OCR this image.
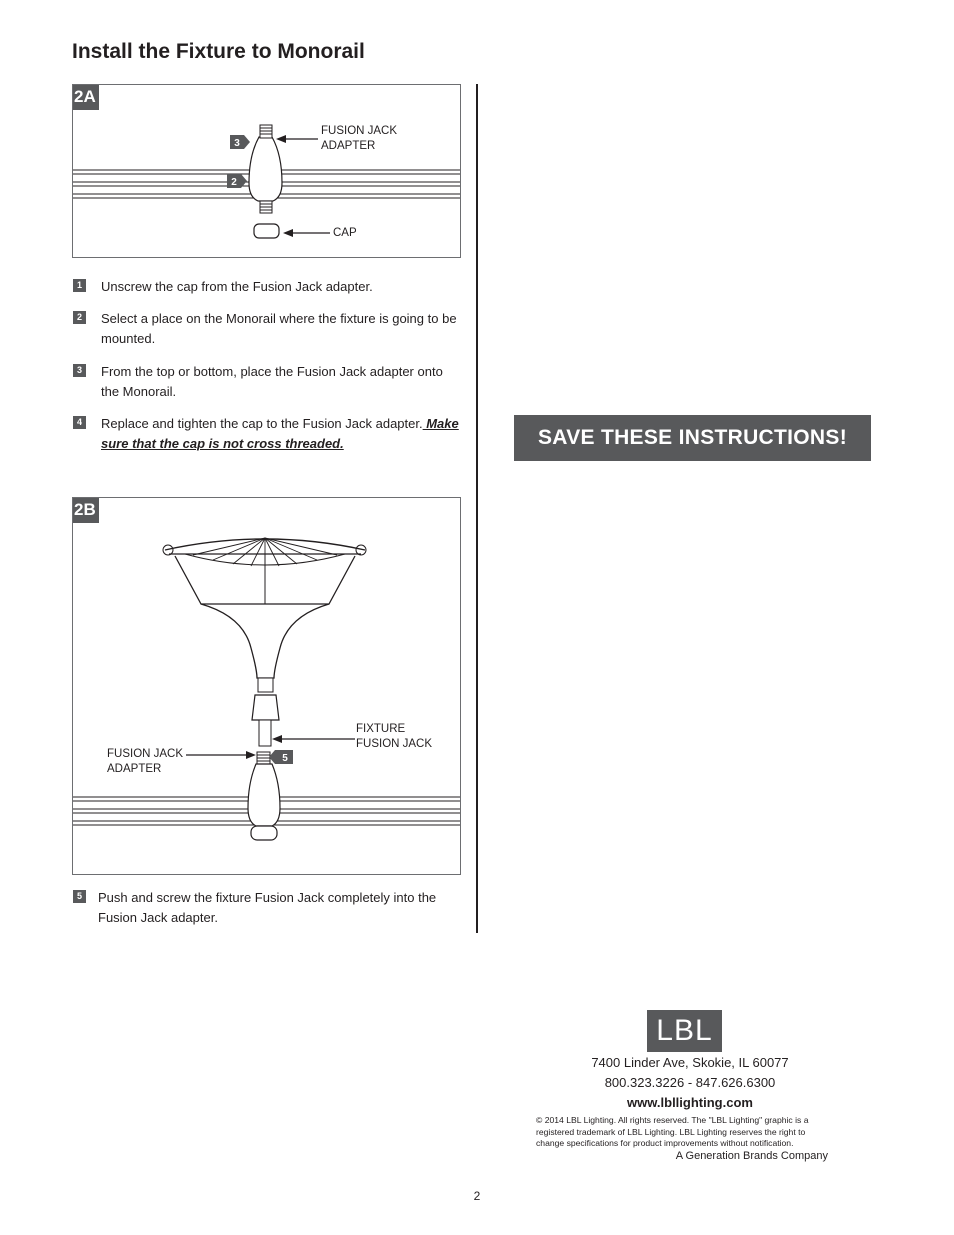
Install the Fixture to Monorail
3
2
2A
FUSION JACK
ADAPTER
CAP
1	Unscrew the cap from the Fusion Jack adapter.
2	Select a place on the Monorail where the fixture is going to be mounted.
3	From the top or bottom, place the Fusion Jack adapter onto the Monorail.
4	Replace and tighten the cap to the Fusion Jack adapter. Make sure that the cap is not cross threaded.
5
2B
FIXTURE
FUSION JACK
FUSION JACK
ADAPTER
5	Push and screw the fixture Fusion Jack completely into the Fusion Jack adapter.
SAVE THESE INSTRUCTIONS!
LBL
7400 Linder Ave, Skokie, IL 60077
800.323.3226 - 847.626.6300
www.lbllighting.com
© 2014 LBL Lighting. All rights reserved. The "LBL Lighting" graphic is a registered trademark of LBL Lighting. LBL Lighting reserves the right to change specifications for product improvements without notification.
A Generation Brands Company
2
